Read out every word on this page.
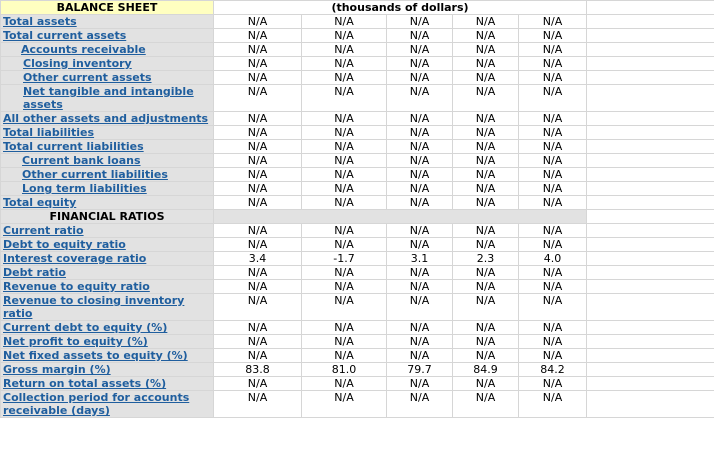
BALANCE SHEET	(thousands of dollars)					
Total assets	N/A	N/A	N/A	N/A	N/A	
Total current assets	N/A	N/A	N/A	N/A	N/A	

Accounts receivable	N/A	N/A	N/A	N/A	N/A	

Closing inventory	N/A	N/A	N/A	N/A	N/A	

Other current assets	N/A	N/A	N/A	N/A	N/A	

Net tangible and intangible assets	N/A	N/A	N/A	N/A	N/A	
All other assets and adjustments	N/A	N/A	N/A	N/A	N/A	
Total liabilities	N/A	N/A	N/A	N/A	N/A	
Total current liabilities	N/A	N/A	N/A	N/A	N/A	

Current bank loans	N/A	N/A	N/A	N/A	N/A	

Other current liabilities	N/A	N/A	N/A	N/A	N/A	

Long term liabilities	N/A	N/A	N/A	N/A	N/A	
Total equity	N/A	N/A	N/A	N/A	N/A	
FINANCIAL RATIOS						
Current ratio	N/A	N/A	N/A	N/A	N/A	
Debt to equity ratio	N/A	N/A	N/A	N/A	N/A	
Interest coverage ratio	3.4	-1.7	3.1	2.3	4.0	
Debt ratio	N/A	N/A	N/A	N/A	N/A	
Revenue to equity ratio	N/A	N/A	N/A	N/A	N/A	
Revenue to closing inventory ratio	N/A	N/A	N/A	N/A	N/A	
Current debt to equity (%)	N/A	N/A	N/A	N/A	N/A	
Net profit to equity (%)	N/A	N/A	N/A	N/A	N/A	
Net fixed assets to equity (%)	N/A	N/A	N/A	N/A	N/A	
Gross margin (%)	83.8	81.0	79.7	84.9	84.2	
Return on total assets (%)	N/A	N/A	N/A	N/A	N/A	
Collection period for accounts receivable (days)	N/A	N/A	N/A	N/A	N/A	
